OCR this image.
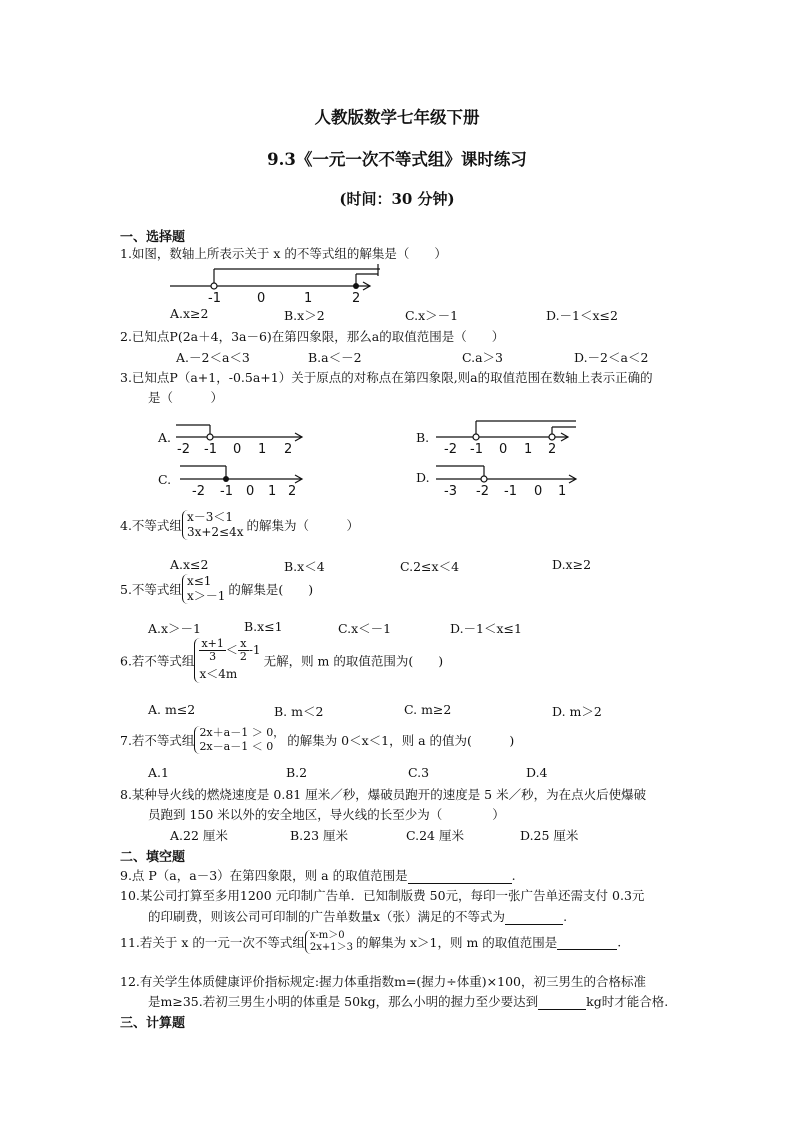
人教版数学七年级下册
9.3《一元一次不等式组》课时练习
(时间：30 分钟)
一、选择题
1.如图，数轴上所表示关于 x 的不等式组的解集是（　　）
-1	0	1	2
A.x≥2	B.x＞2	C.x＞－1	D.－1＜x≤2
2.已知点P(2a＋4，3a－6)在第四象限，那么a的取值范围是（　　）
A.－2＜a＜3	B.a＜－2	C.a＞3	D.－2＜a＜2
3.已知点P（a+1，-0.5a+1）关于原点的对称点在第四象限,则a的取值范围在数轴上表示正确的
是（　　　）
A.
-2 -1 0 1 2
B.
-2 -1 0 1 2
C.
-2 -1 0 1 2
D.
-3 -2 -1 0 1
4.不等式组
x－3＜1
3x+2≤4x 的解集为（　　　）
A.x≤2	B.x＜4	C.2≤x＜4	D.x≥2
5.不等式组
x≤1
x＞－1 的解集是(　　)
A.x＞－1	B.x≤1	C.x＜－1	D.－1＜x≤1
6.若不等式组 $\frac{x+1}{3} < \frac{x}{2} -1$
x＜4m
无解，则 m 的取值范围为(　　)
A. m≤2	B. m＜2	C. m≥2	D. m＞2
7.若不等式组
2x＋a－1 ＞ 0，
2x－a－1 ＜ 0	的解集为 0＜x＜1，则 a 的值为(　　　)
A.1	B.2	C.3	D.4
8.某种导火线的燃烧速度是 0.81 厘米／秒，爆破员跑开的速度是 5 米／秒，为在点火后使爆破
员跑到 150 米以外的安全地区，导火线的长至少为（　　　　）
A.22 厘米	B.23 厘米	C.24 厘米	D.25 厘米
二、填空题
9.点 P（a，a－3）在第四象限，则 a 的取值范围是	.
10.某公司打算至多用1200 元印制广告单．已知制版费 50元，每印一张广告单还需支付 0.3元
的印刷费，则该公司可印制的广告单数量x（张）满足的不等式为	.
11.若关于 x 的一元一次不等式组 x-m＞0
2x+1＞3 的解集为 x＞1，则 m 的取值范围是	.
12.有关学生体质健康评价指标规定:握力体重指数m=(握力÷体重)×100，初三男生的合格标准
是m≥35.若初三男生小明的体重是 50kg，那么小明的握力至少要达到	kg时才能合格.
三、计算题
